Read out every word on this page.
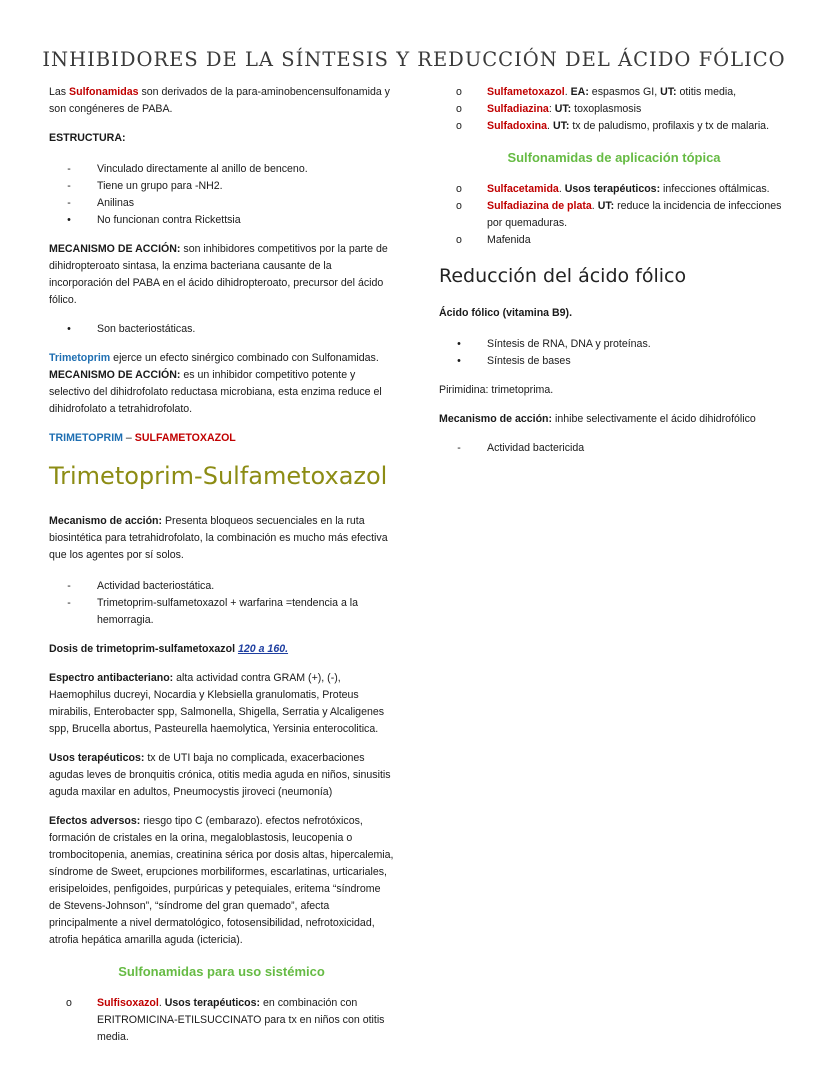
INHIBIDORES DE LA SÍNTESIS Y REDUCCIÓN DEL ÁCIDO FÓLICO

Las Sulfonamidas son derivados de la para-aminobencensulfonamida y son congéneres de PABA.

ESTRUCTURA:

-	Vinculado directamente al anillo de benceno.
-	Tiene un grupo para -NH2.
-	Anilinas
•	No funcionan contra Rickettsia

MECANISMO DE ACCIÓN: son inhibidores competitivos por la parte de dihidropteroato sintasa, la enzima bacteriana causante de la incorporación del PABA en el ácido dihidropteroato, precursor del ácido fólico.

•	Son bacteriostáticas.

Trimetoprim ejerce un efecto sinérgico combinado con Sulfonamidas.

MECANISMO DE ACCIÓN: es un inhibidor competitivo potente y selectivo del dihidrofolato reductasa microbiana, esta enzima reduce el dihidrofolato a tetrahidrofolato.

TRIMETOPRIM – SULFAMETOXAZOL

Trimetoprim-Sulfametoxazol

Mecanismo de acción: Presenta bloqueos secuenciales en la ruta biosintética para tetrahidrofolato, la combinación es mucho más efectiva que los agentes por sí solos.

-	Actividad bacteriostática.
-	Trimetoprim-sulfametoxazol + warfarina =tendencia a la hemorragia.

Dosis de trimetoprim-sulfametoxazol 120 a 160.

Espectro antibacteriano: alta actividad contra GRAM (+), (-), Haemophilus ducreyi, Nocardia y Klebsiella granulomatis, Proteus mirabilis, Enterobacter spp, Salmonella, Shigella, Serratia y Alcaligenes spp, Brucella abortus, Pasteurella haemolytica, Yersinia enterocolitica.

Usos terapéuticos: tx de UTI baja no complicada, exacerbaciones agudas leves de bronquitis crónica, otitis media aguda en niños, sinusitis aguda maxilar en adultos, Pneumocystis jiroveci (neumonía)

Efectos adversos: riesgo tipo C (embarazo). efectos nefrotóxicos, formación de cristales en la orina, megaloblastosis, leucopenia o trombocitopenia, anemias, creatinina sérica por dosis altas, hipercalemia, síndrome de Sweet, erupciones morbiliformes, escarlatinas, urticariales, erisipeloides, penfigoides, purpúricas y petequiales, eritema “síndrome de Stevens-Johnson”, “síndrome del gran quemado”, afecta principalmente a nivel dermatológico, fotosensibilidad, nefrotoxicidad, atrofia hepática amarilla aguda (ictericia).

Sulfonamidas para uso sistémico
o	Sulfisoxazol. Usos terapéuticos: en combinación con ERITROMICINA-ETILSUCCINATO para tx en niños con otitis media.
o	Sulfametoxazol. EA: espasmos GI, UT: otitis media,
o	Sulfadiazina: UT: toxoplasmosis
o	Sulfadoxina. UT: tx de paludismo, profilaxis y tx de malaria.
Sulfonamidas de aplicación tópica
o	Sulfacetamida. Usos terapéuticos: infecciones oftálmicas.
o	Sulfadiazina de plata. UT: reduce la incidencia de infecciones por quemaduras.
o	Mafenida
Reducción del ácido fólico

Ácido fólico (vitamina B9).

•	Síntesis de RNA, DNA y proteínas.
•	Síntesis de bases

Pirimidina: trimetoprima.

Mecanismo de acción: inhibe selectivamente el ácido dihidrofólico

-	Actividad bactericida
